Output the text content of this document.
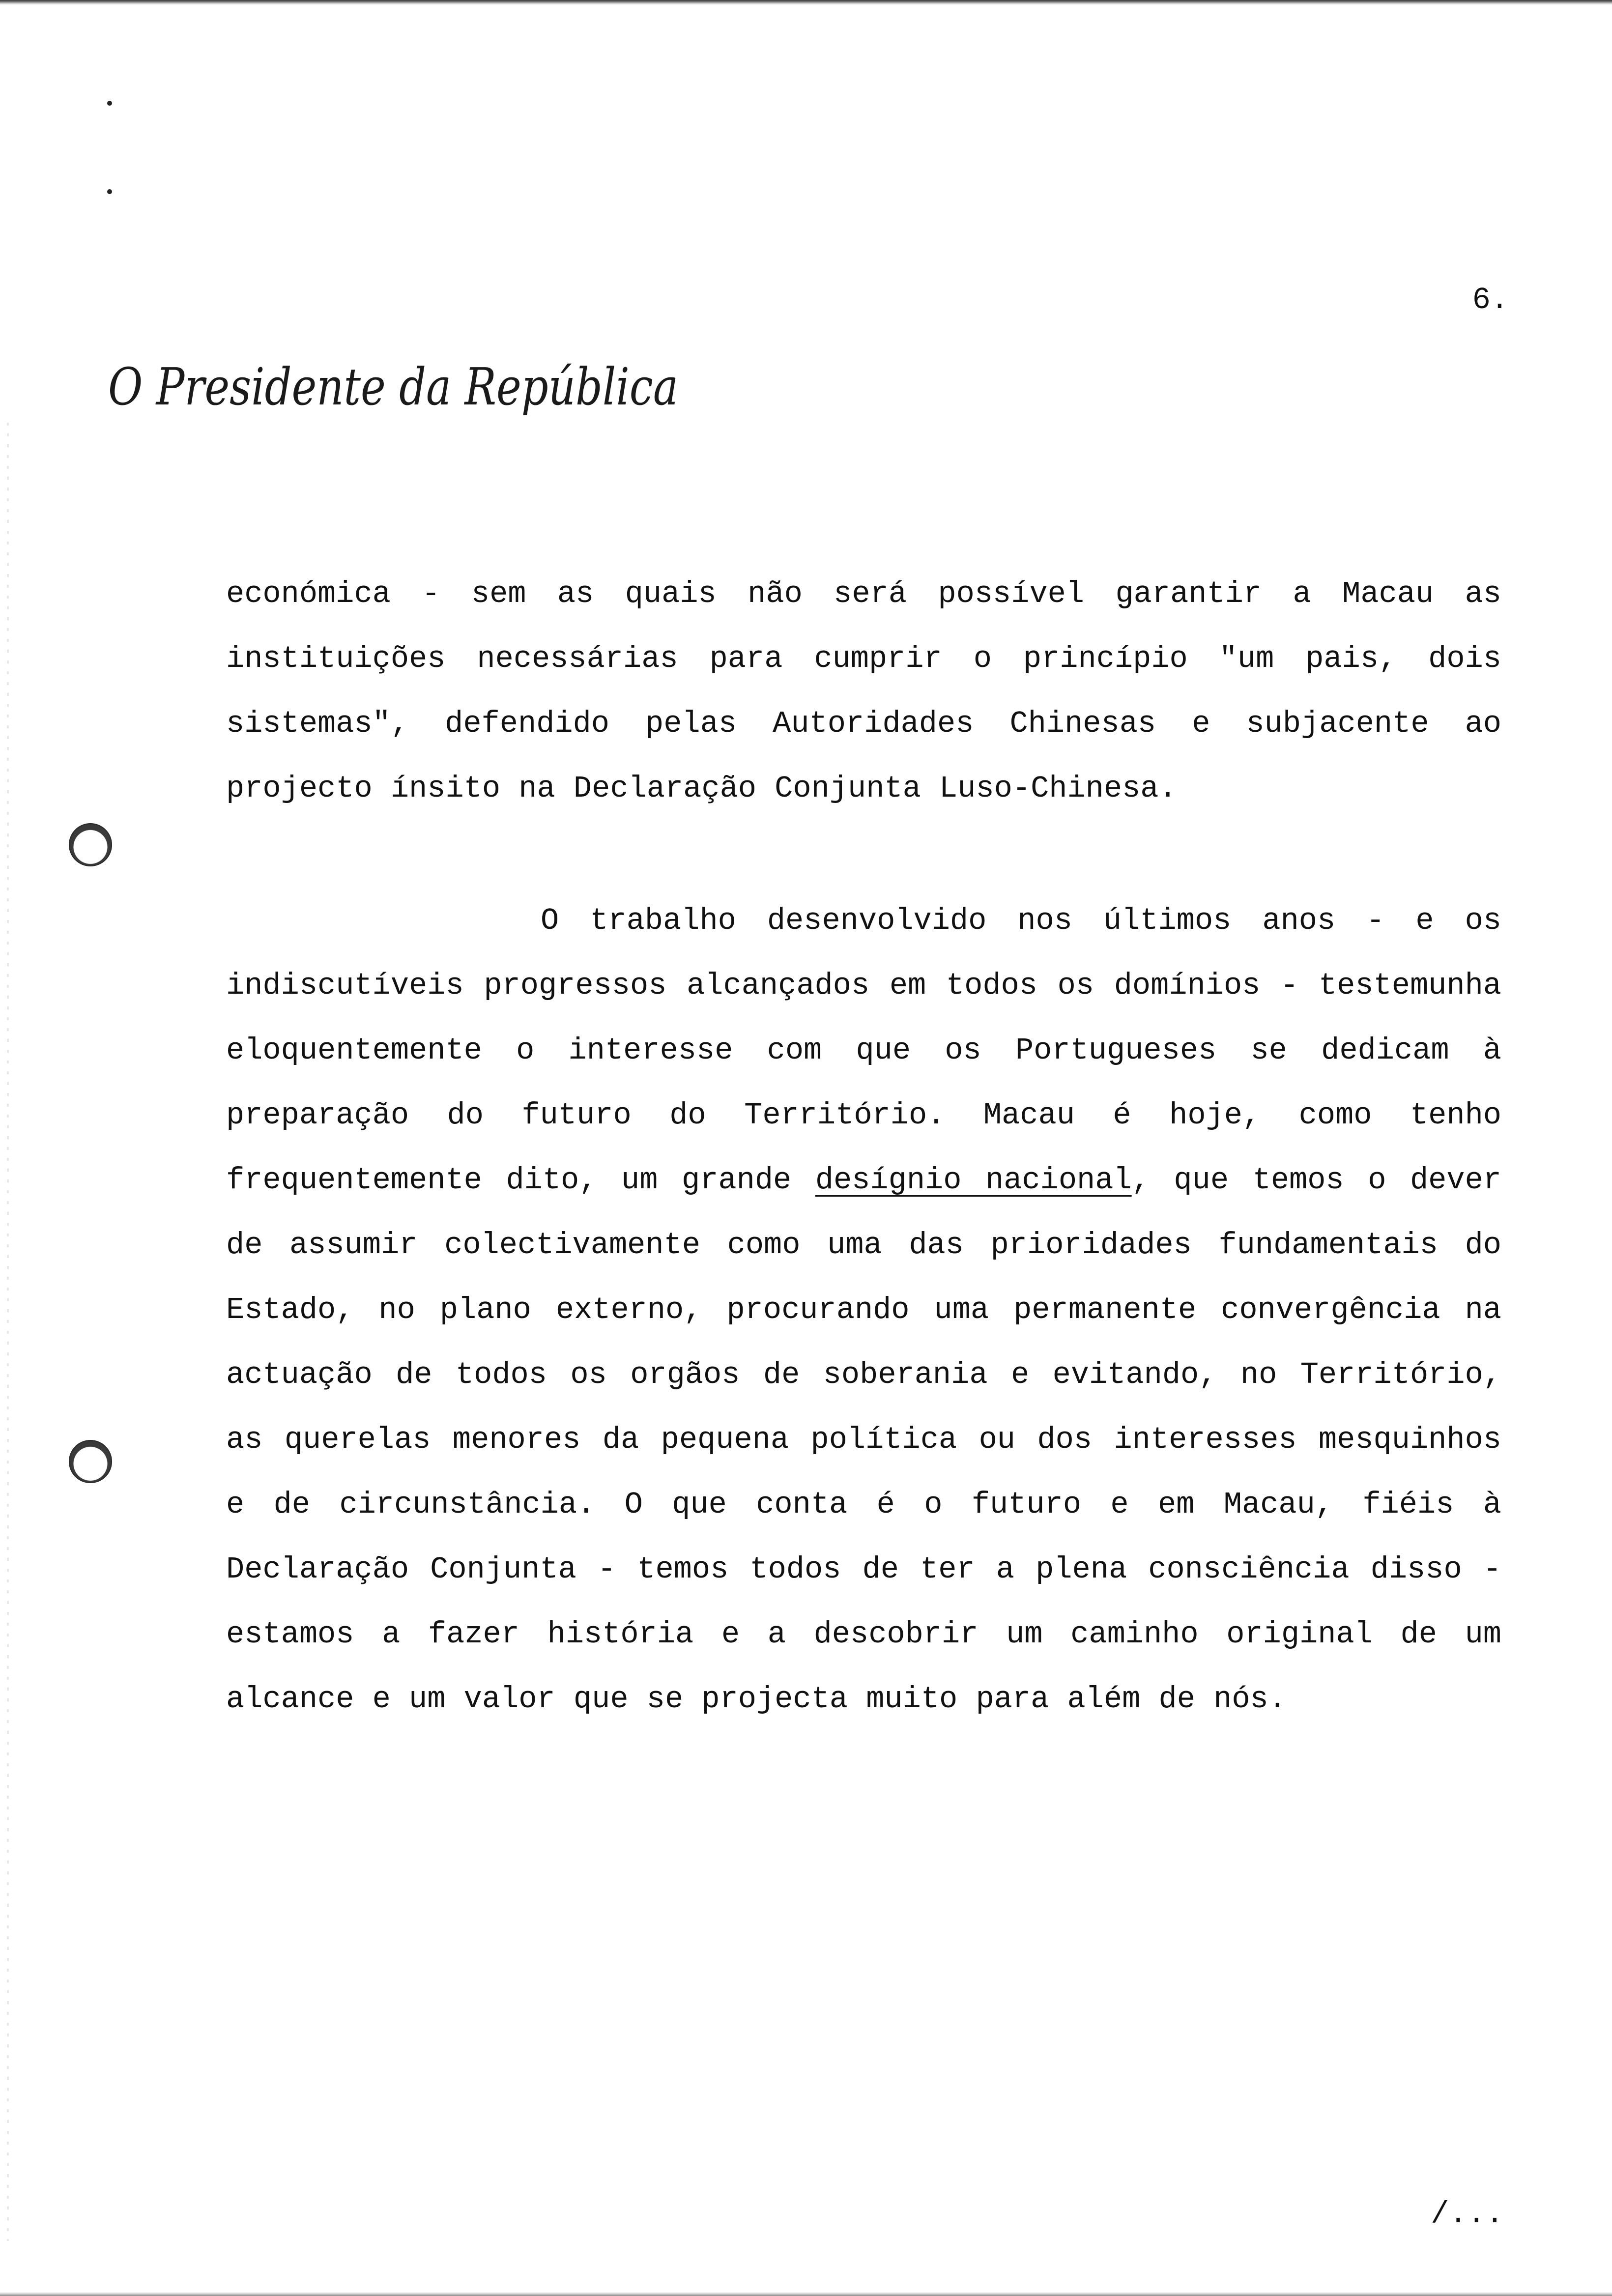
6.
O Presidente da República

económica - sem as quais não será possível garantir a Macau as instituições necessárias para cumprir o princípio "um pais, dois sistemas", defendido pelas Autoridades Chinesas e subjacente ao projecto ínsito na Declaração Conjunta Luso-Chinesa.

O trabalho desenvolvido nos últimos anos - e os indiscutíveis progressos alcançados em todos os domínios - testemunha eloquentemente o interesse com que os Portugueses se dedicam à preparação do futuro do Território. Macau é hoje, como tenho frequentemente dito, um grande desígnio nacional, que temos o dever de assumir colectivamente como uma das prioridades fundamentais do Estado, no plano externo, procurando uma permanente convergência na actuação de todos os orgãos de soberania e evitando, no Território, as querelas menores da pequena política ou dos interesses mesquinhos e de circunstância. O que conta é o futuro e em Macau, fiéis à Declaração Conjunta - temos todos de ter a plena consciência disso - estamos a fazer história e a descobrir um caminho original de um alcance e um valor que se projecta muito para além de nós.

/...
